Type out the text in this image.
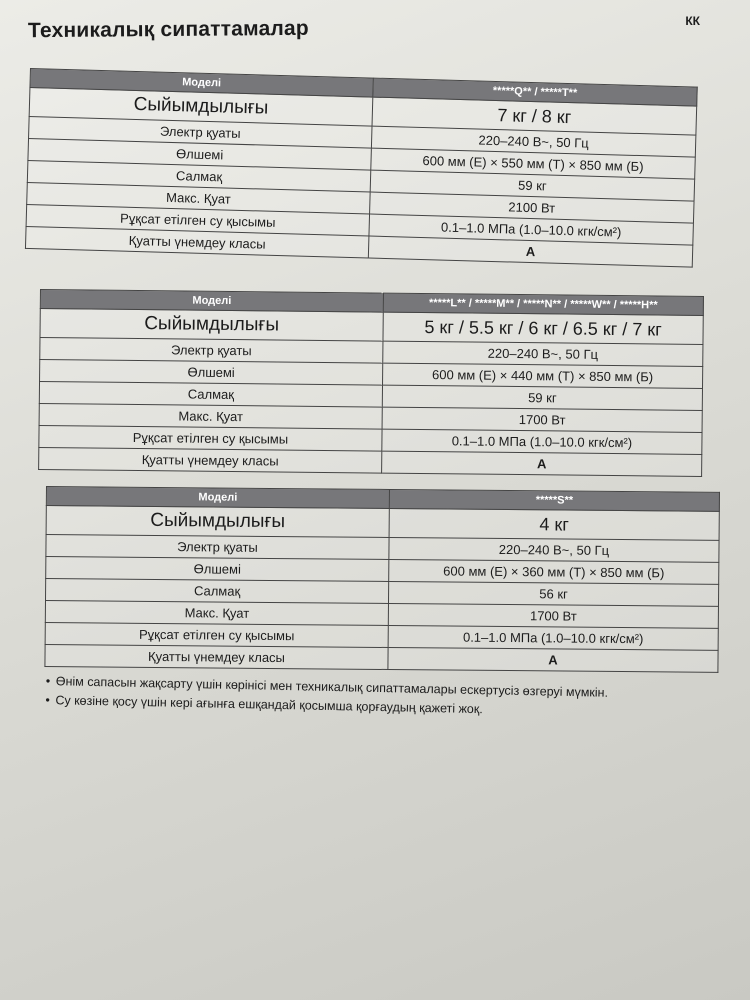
Техникалық сипаттамалар	КК
Моделі	*****Q** / *****T**
Сыйымдылығы	7 кг / 8 кг
Электр қуаты	220–240 В~, 50 Гц
Өлшемі	600 мм (Е) × 550 мм (Т) × 850 мм (Б)
Салмақ	59 кг
Макс. Қуат	2100 Вт
Рұқсат етілген су қысымы	0.1–1.0 МПа (1.0–10.0 кгк/см²)
Қуатты үнемдеу класы	A
Моделі	*****L** / *****M** / *****N** / *****W** / *****H**
Сыйымдылығы	5 кг / 5.5 кг / 6 кг / 6.5 кг / 7 кг
Электр қуаты	220–240 В~, 50 Гц
Өлшемі	600 мм (Е) × 440 мм (Т) × 850 мм (Б)
Салмақ	59 кг
Макс. Қуат	1700 Вт
Рұқсат етілген су қысымы	0.1–1.0 МПа (1.0–10.0 кгк/см²)
Қуатты үнемдеу класы	A
Моделі	*****S**
Сыйымдылығы	4 кг
Электр қуаты	220–240 В~, 50 Гц
Өлшемі	600 мм (Е) × 360 мм (Т) × 850 мм (Б)
Салмақ	56 кг
Макс. Қуат	1700 Вт
Рұқсат етілген су қысымы	0.1–1.0 МПа (1.0–10.0 кгк/см²)
Қуатты үнемдеу класы	A
• Өнім сапасын жақсарту үшін көрінісі мен техникалық сипаттамалары ескертусіз өзгеруі мүмкін.
• Су көзіне қосу үшін кері ағынға ешқандай қосымша қорғаудың қажеті жоқ.
